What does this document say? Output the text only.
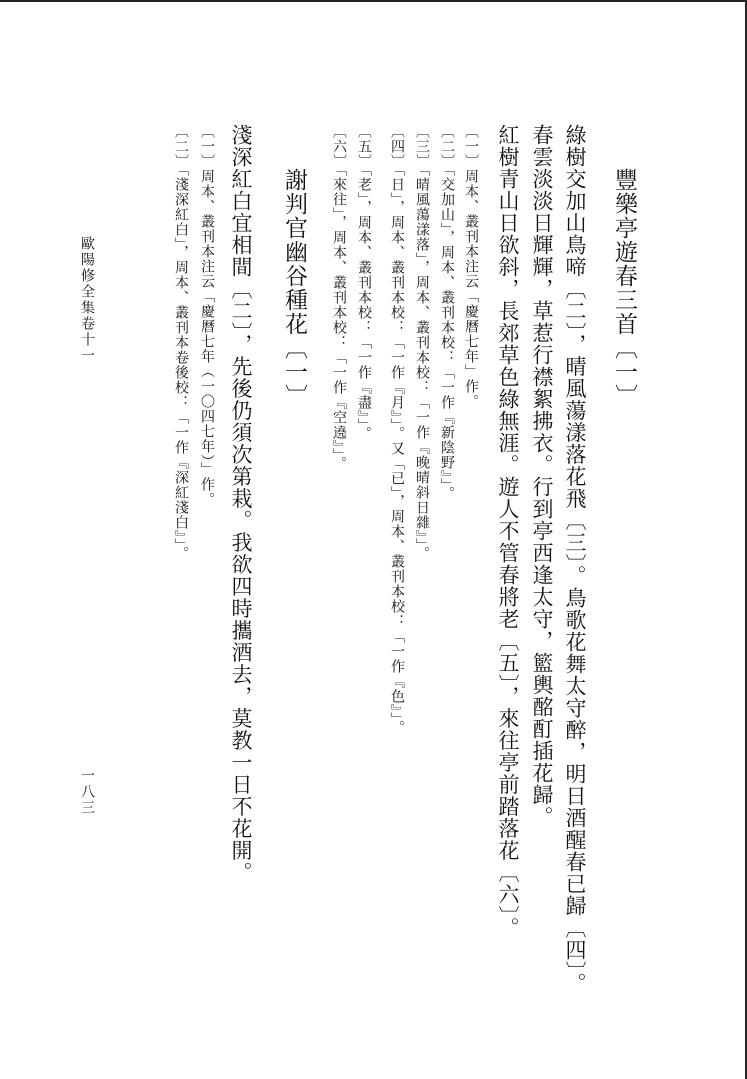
豐樂亭遊春三首〔一〕
綠樹交加山鳥啼〔二〕，晴風蕩漾落花飛〔三〕。鳥歌花舞太守醉，明日酒醒春已歸〔四〕。
春雲淡淡日輝輝，草惹行襟絮拂衣。行到亭西逢太守，籃輿酩酊插花歸。
紅樹青山日欲斜，長郊草色綠無涯。遊人不管春將老〔五〕，來往亭前踏落花〔六〕。
〔一〕周本、叢刊本注云「慶曆七年」作。
〔二〕「交加山」，周本、叢刊本校：「一作『新陰野』」。
〔三〕「晴風蕩漾落」，周本、叢刊本校：「一作『晚晴斜日雜』」。
〔四〕「日」，周本、叢刊本校：「一作『月』」。又「已」，周本、叢刊本校：「一作『色』」。
〔五〕「老」，周本、叢刊本校：「一作『盡』」。
〔六〕「來往」，周本、叢刊本校：「一作『空遶』」。
謝判官幽谷種花〔一〕
淺深紅白宜相間〔二〕，先後仍須次第栽。我欲四時攜酒去，莫教一日不花開。
〔一〕周本、叢刊本注云「慶曆七年（一〇四七年）」作。
〔二〕「淺深紅白」，周本、叢刊本卷後校：「一作『深紅淺白』」。
歐陽修全集卷十一
一八三
